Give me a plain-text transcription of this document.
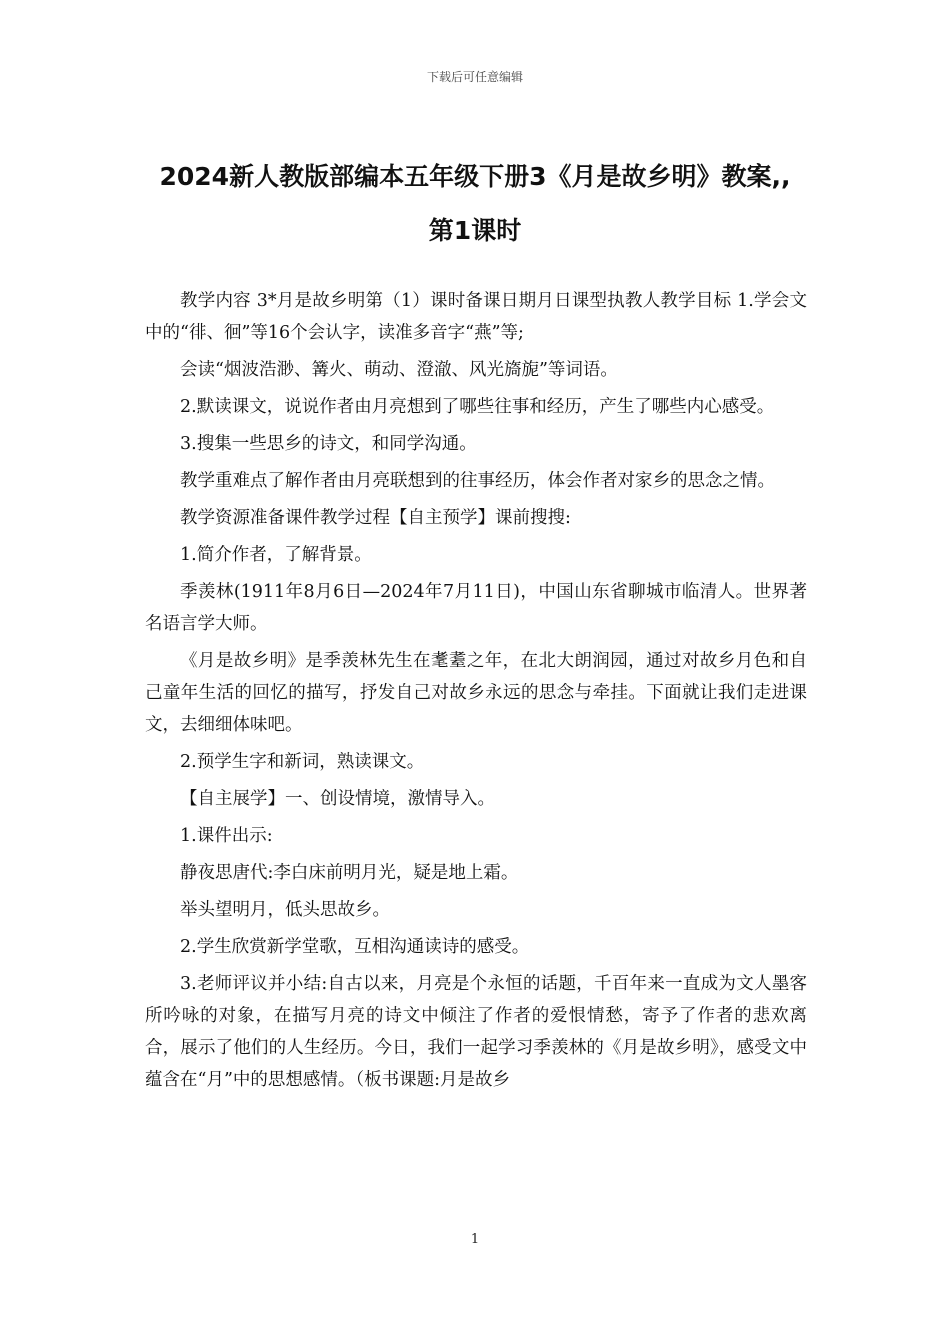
下载后可任意编辑
2024新人教版部编本五年级下册3《月是故乡明》教案,,
第1课时

教学内容 3*月是故乡明第（1）课时备课日期月日课型执教人教学目标 1.学会文中的“徘、徊”等16个会认字，读准多音字“燕”等;

会读“烟波浩渺、篝火、萌动、澄澈、风光旖旎”等词语。

2.默读课文，说说作者由月亮想到了哪些往事和经历，产生了哪些内心感受。

3.搜集一些思乡的诗文，和同学沟通。

教学重难点了解作者由月亮联想到的往事经历，体会作者对家乡的思念之情。

教学资源准备课件教学过程【自主预学】课前搜搜:

1.简介作者，了解背景。

季羡林(1911年8月6日—2024年7月11日)，中国山东省聊城市临清人。世界著名语言学大师。

《月是故乡明》是季羡林先生在耄耋之年，在北大朗润园，通过对故乡月色和自己童年生活的回忆的描写，抒发自己对故乡永远的思念与牵挂。下面就让我们走进课文，去细细体味吧。

2.预学生字和新词，熟读课文。

【自主展学】一、创设情境，激情导入。

1.课件出示:

静夜思唐代:李白床前明月光，疑是地上霜。

举头望明月，低头思故乡。

2.学生欣赏新学堂歌，互相沟通读诗的感受。

3.老师评议并小结:自古以来，月亮是个永恒的话题，千百年来一直成为文人墨客所吟咏的对象，在描写月亮的诗文中倾注了作者的爱恨情愁，寄予了作者的悲欢离合，展示了他们的人生经历。今日，我们一起学习季羡林的《月是故乡明》，感受文中蕴含在“月”中的思想感情。（板书课题:月是故乡

1
